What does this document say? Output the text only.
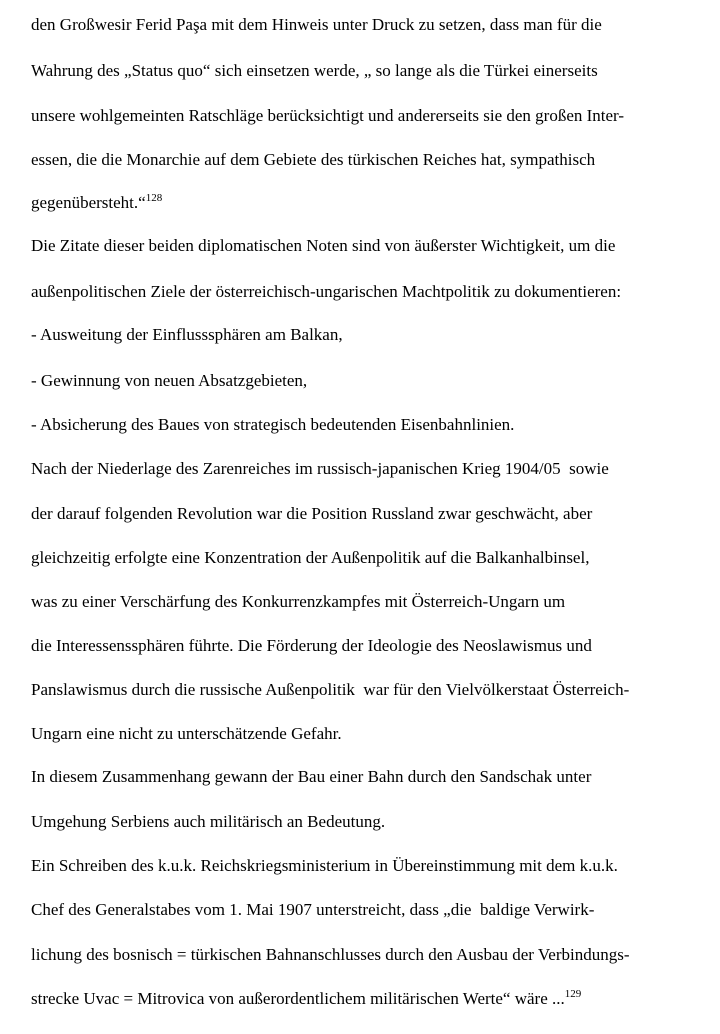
den Großwesir Ferid Paşa mit dem Hinweis unter Druck zu setzen, dass man für die
Wahrung des „Status quo“ sich einsetzen werde, „ so lange als die Türkei einerseits
unsere wohlgemeinten Ratschläge berücksichtigt und andererseits sie den großen Inter-
essen, die die Monarchie auf dem Gebiete des türkischen Reiches hat, sympathisch
gegenübersteht.“$^{128}$
Die Zitate dieser beiden diplomatischen Noten sind von äußerster Wichtigkeit, um die
außenpolitischen Ziele der österreichisch-ungarischen Machtpolitik zu dokumentieren:
- Ausweitung der Einflusssphären am Balkan,
- Gewinnung von neuen Absatzgebieten,
- Absicherung des Baues von strategisch bedeutenden Eisenbahnlinien.
Nach der Niederlage des Zarenreiches im russisch-japanischen Krieg 1904/05  sowie
der darauf folgenden Revolution war die Position Russland zwar geschwächt, aber
gleichzeitig erfolgte eine Konzentration der Außenpolitik auf die Balkanhalbinsel,
was zu einer Verschärfung des Konkurrenzkampfes mit Österreich-Ungarn um
die Interessenssphären führte. Die Förderung der Ideologie des Neoslawismus und
Panslawismus durch die russische Außenpolitik  war für den Vielvölkerstaat Österreich-
Ungarn eine nicht zu unterschätzende Gefahr.
In diesem Zusammenhang gewann der Bau einer Bahn durch den Sandschak unter
Umgehung Serbiens auch militärisch an Bedeutung.
Ein Schreiben des k.u.k. Reichskriegsministerium in Übereinstimmung mit dem k.u.k.
Chef des Generalstabes vom 1. Mai 1907 unterstreicht, dass „die  baldige Verwirk-
lichung des bosnisch = türkischen Bahnanschlusses durch den Ausbau der Verbindungs-
strecke Uvac = Mitrovica von außerordentlichem militärischen Werte“ wäre ...$^{129}$
